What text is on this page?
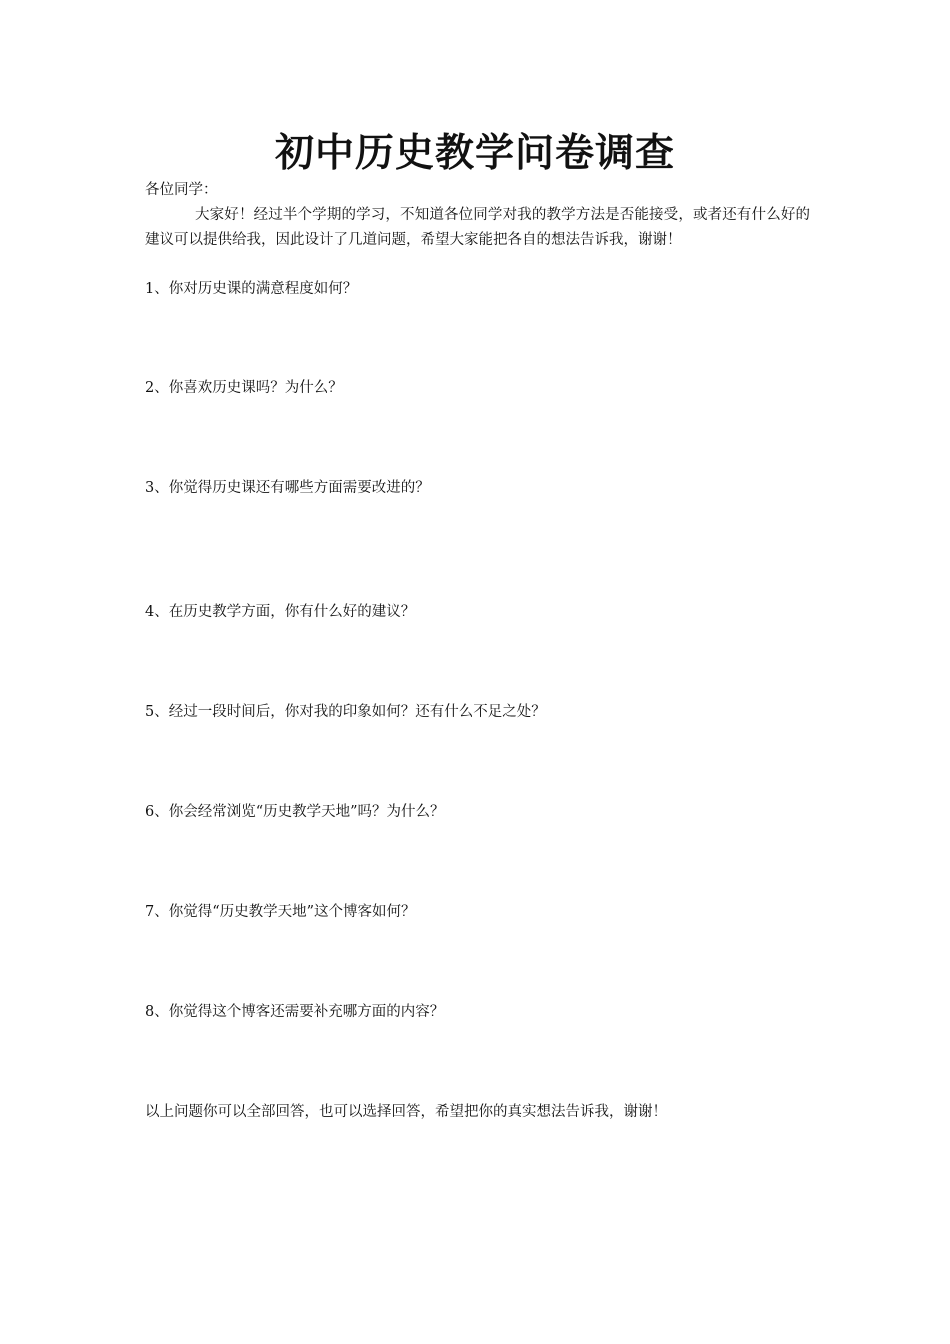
初中历史教学问卷调查
各位同学：
大家好！经过半个学期的学习，不知道各位同学对我的教学方法是否能接受，或者还有什么好的建议可以提供给我，因此设计了几道问题，希望大家能把各自的想法告诉我，谢谢！
1、你对历史课的满意程度如何？
2、你喜欢历史课吗？为什么？
3、你觉得历史课还有哪些方面需要改进的？
4、在历史教学方面，你有什么好的建议？
5、经过一段时间后，你对我的印象如何？还有什么不足之处？
6、你会经常浏览“历史教学天地”吗？为什么？
7、你觉得“历史教学天地”这个博客如何？
8、你觉得这个博客还需要补充哪方面的内容？
以上问题你可以全部回答，也可以选择回答，希望把你的真实想法告诉我，谢谢！
